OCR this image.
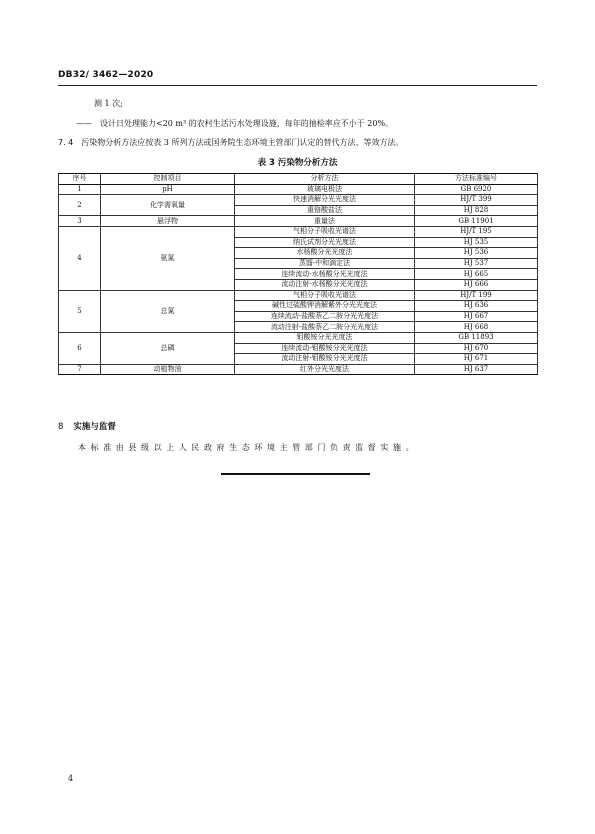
DB32/ 3462—2020
测 1 次;
—— 设计日处理能力<20 m³ 的农村生活污水处理设施，每年的抽检率应不小于 20%。
7. 4 污染物分析方法应按表 3 所列方法或国务院生态环境主管部门认定的替代方法、等效方法。
表 3 污染物分析方法
序号	控制项目	分析方法	方法标准编号
1	pH	玻璃电极法	GB 6920
2	化学需氧量	快速消解分光光度法	HJ/T 399
		重铬酸盐法	HJ 828
3	悬浮物	重量法	GB 11901
4	氨氮	气相分子吸收光谱法	HJ/T 195
		纳氏试剂分光光度法	HJ 535
		水杨酸分光光度法	HJ 536
		蒸馏-中和滴定法	HJ 537
		连续流动-水杨酸分光光度法	HJ 665
		流动注射-水杨酸分光光度法	HJ 666
5	总氮	气相分子吸收光谱法	HJ/T 199
		碱性过硫酸钾消解紫外分光光度法	HJ 636
		连续流动-盐酸萘乙二胺分光光度法	HJ 667
		流动注射-盐酸萘乙二胺分光光度法	HJ 668
6	总磷	钼酸铵分光光度法	GB 11893
		连续流动-钼酸铵分光光度法	HJ 670
		流动注射-钼酸铵分光光度法	HJ 671
7	动植物油	红外分光光度法	HJ 637
8 实施与监督
本标准由县级以上人民政府生态环境主管部门负责监督实施。
4
